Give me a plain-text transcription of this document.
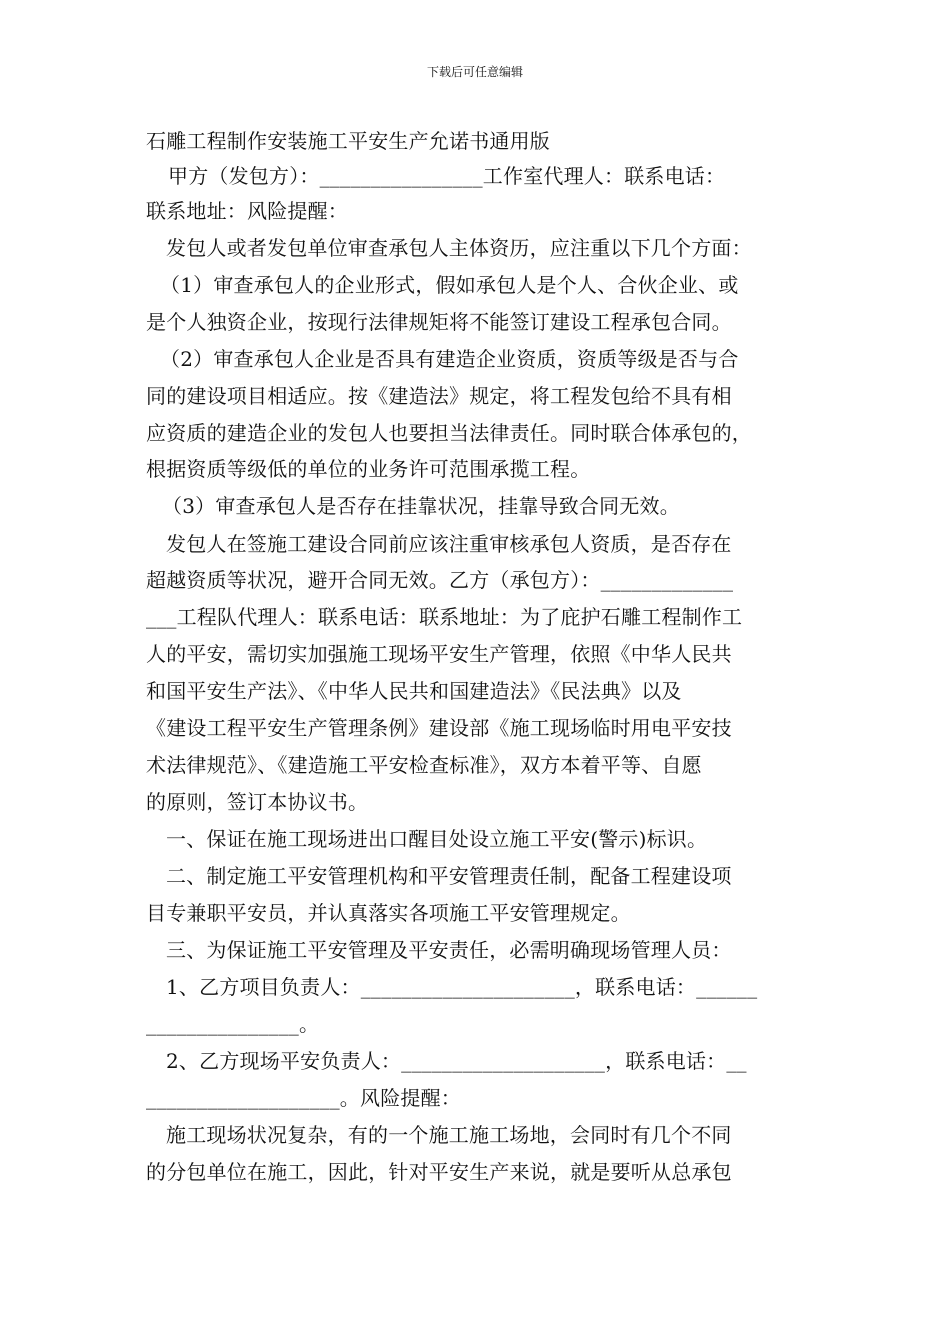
下载后可任意编辑
石雕工程制作安装施工平安生产允诺书通用版
甲方（发包方）：________________工作室代理人：联系电话：
联系地址：风险提醒：
发包人或者发包单位审查承包人主体资历，应注重以下几个方面：
（1）审查承包人的企业形式，假如承包人是个人、合伙企业、或
是个人独资企业，按现行法律规矩将不能签订建设工程承包合同。
（2）审查承包人企业是否具有建造企业资质，资质等级是否与合
同的建设项目相适应。按《建造法》规定，将工程发包给不具有相
应资质的建造企业的发包人也要担当法律责任。同时联合体承包的，
根据资质等级低的单位的业务许可范围承揽工程。
（3）审查承包人是否存在挂靠状况，挂靠导致合同无效。
发包人在签施工建设合同前应该注重审核承包人资质，是否存在
超越资质等状况，避开合同无效。乙方（承包方）：_____________
___工程队代理人：联系电话：联系地址：为了庇护石雕工程制作工
人的平安，需切实加强施工现场平安生产管理，依照《中华人民共
和国平安生产法》、《中华人民共和国建造法》《民法典》以及
《建设工程平安生产管理条例》建设部《施工现场临时用电平安技
术法律规范》、《建造施工平安检查标准》，双方本着平等、自愿
的原则，签订本协议书。
一、保证在施工现场进出口醒目处设立施工平安(警示)标识。
二、制定施工平安管理机构和平安管理责任制，配备工程建设项
目专兼职平安员，并认真落实各项施工平安管理规定。
三、为保证施工平安管理及平安责任，必需明确现场管理人员：
1、乙方项目负责人：_____________________，联系电话：______
_______________。
2、乙方现场平安负责人：____________________，联系电话：__
___________________。风险提醒：
施工现场状况复杂，有的一个施工施工场地，会同时有几个不同
的分包单位在施工，因此，针对平安生产来说，就是要听从总承包
